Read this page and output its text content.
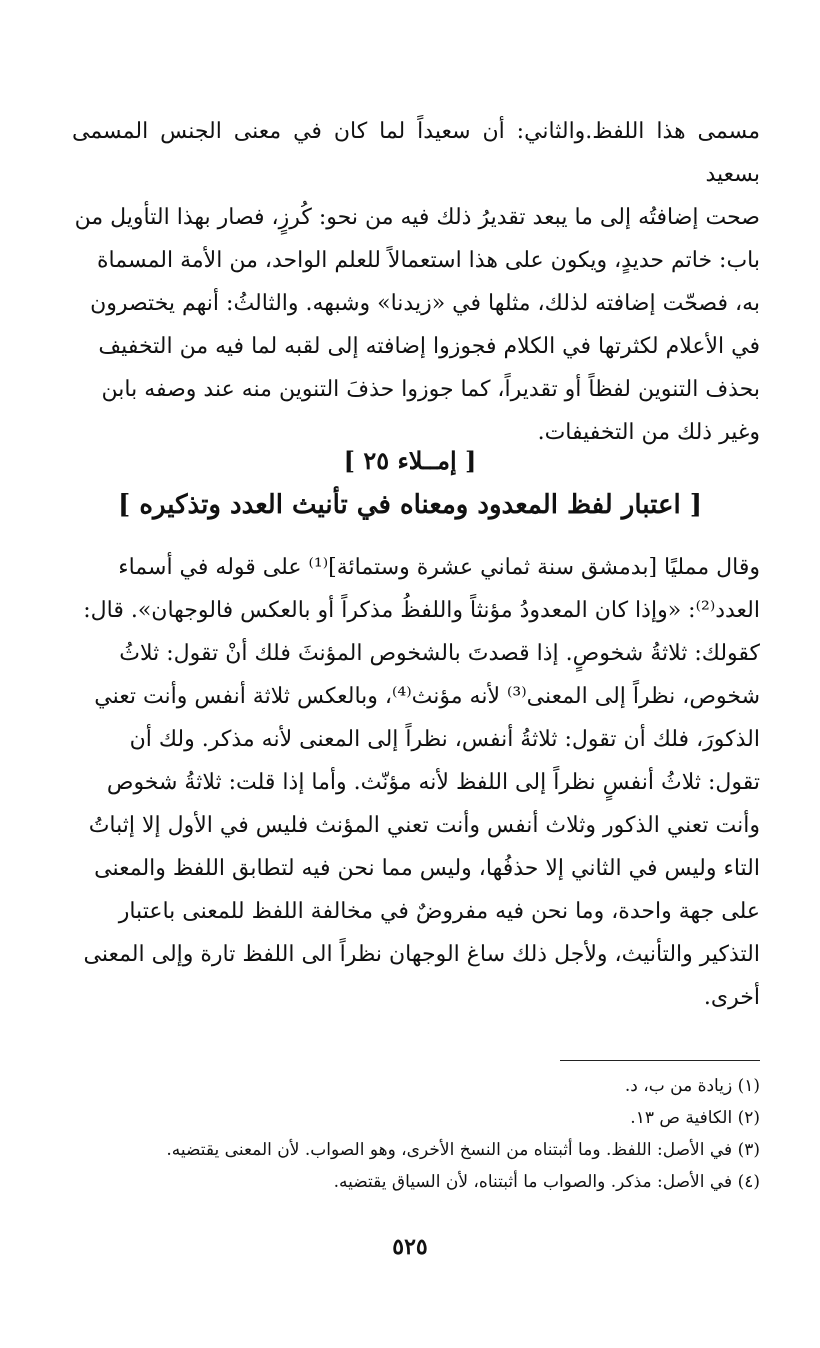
مسمى هذا اللفظ.والثاني: أن سعيداً لما كان في معنى الجنس المسمى بسعيد

صحت إضافتُه إلى ما يبعد تقديرُ ذلك فيه من نحو: كُرزٍ، فصار بهذا التأويل من

باب: خاتم حديدٍ، ويكون على هذا استعمالاً للعلم الواحد، من الأمة المسماة

به، فصحّت إضافته لذلك، مثلها في «زيدنا» وشبهه. والثالثُ: أنهم يختصرون

في الأعلام لكثرتها في الكلام فجوزوا إضافته إلى لقبه لما فيه من التخفيف

بحذف التنوين لفظاً أو تقديراً، كما جوزوا حذفَ التنوين منه عند وصفه بابن

وغير ذلك من التخفيفات.

[ إمــلاء ٢٥ ]
[ اعتبار لفظ المعدود ومعناه في تأنيث العدد وتذكيره ]

وقال ممليًا [بدمشق سنة ثماني عشرة وستمائة]⁽¹⁾ على قوله في أسماء

العدد⁽²⁾: «وإذا كان المعدودُ مؤنثاً واللفظُ مذكراً أو بالعكس فالوجهان». قال:

كقولك: ثلاثةُ شخوصٍ. إذا قصدتَ بالشخوص المؤنثَ فلك أنْ تقول: ثلاثُ

شخوص، نظراً إلى المعنى⁽³⁾ لأنه مؤنث⁽⁴⁾، وبالعكس ثلاثة أنفس وأنت تعني

الذكورَ، فلك أن تقول: ثلاثةُ أنفس، نظراً إلى المعنى لأنه مذكر. ولك أن

تقول: ثلاثُ أنفسٍ نظراً إلى اللفظ لأنه مؤنّث. وأما إذا قلت: ثلاثةُ شخوص

وأنت تعني الذكور وثلاث أنفس وأنت تعني المؤنث فليس في الأول إلا إثباتُ

التاء وليس في الثاني إلا حذفُها، وليس مما نحن فيه لتطابق اللفظ والمعنى

على جهة واحدة، وما نحن فيه مفروضٌ في مخالفة اللفظ للمعنى باعتبار

التذكير والتأنيث، ولأجل ذلك ساغ الوجهان نظراً الى اللفظ تارة وإلى المعنى

أخرى.

(١) زيادة من ب، د.
(٢) الكافية ص ١٣.
(٣) في الأصل: اللفظ. وما أثبتناه من النسخ الأخرى، وهو الصواب. لأن المعنى يقتضيه.
(٤) في الأصل: مذكر. والصواب ما أثبتناه، لأن السياق يقتضيه.
٥٢٥
